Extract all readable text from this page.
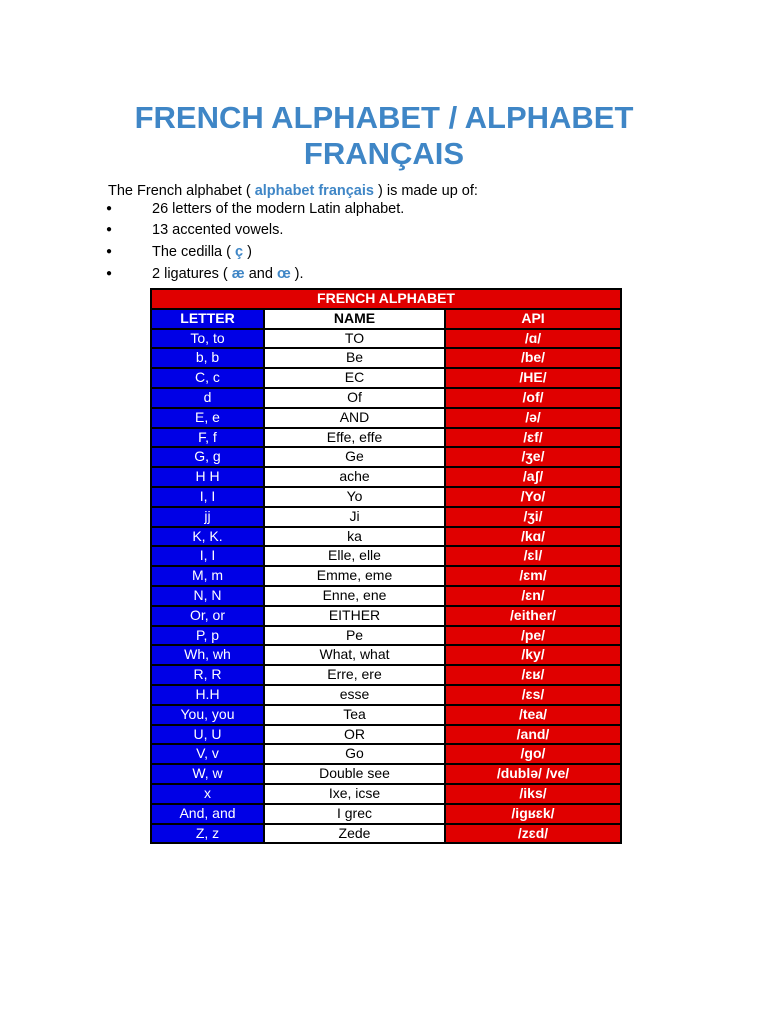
FRENCH ALPHABET / ALPHABET
FRANÇAIS
The French alphabet ( alphabet français ) is made up of:
●	26 letters of the modern Latin alphabet.
●	13 accented vowels.
●	The cedilla ( ç )
●	2 ligatures ( æ and œ ).
FRENCH ALPHABET		
LETTER	NAME	API
To, to	TO	/ɑ/
b, b	Be	/be/
C, c	EC	/HE/
d	Of	/of/
E, e	AND	/ə/
F, f	Effe, effe	/ɛf/
G, g	Ge	/ʒe/
H H	ache	/aʃ/
I, I	Yo	/Yo/
jj	Ji	/ʒi/
K, K.	ka	/kɑ/
I, I	Elle, elle	/ɛl/
M, m	Emme, eme	/ɛm/
N, N	Enne, ene	/ɛn/
Or, or	EITHER	/either/
P, p	Pe	/pe/
Wh, wh	What, what	/ky/
R, R	Erre, ere	/ɛʁ/
H.H	esse	/ɛs/
You, you	Tea	/tea/
U, U	OR	/and/
V, v	Go	/go/
W, w	Double see	/dublə/ /ve/
x	Ixe, icse	/iks/
And, and	I grec	/igʁɛk/
Z, z	Zede	/zɛd/
